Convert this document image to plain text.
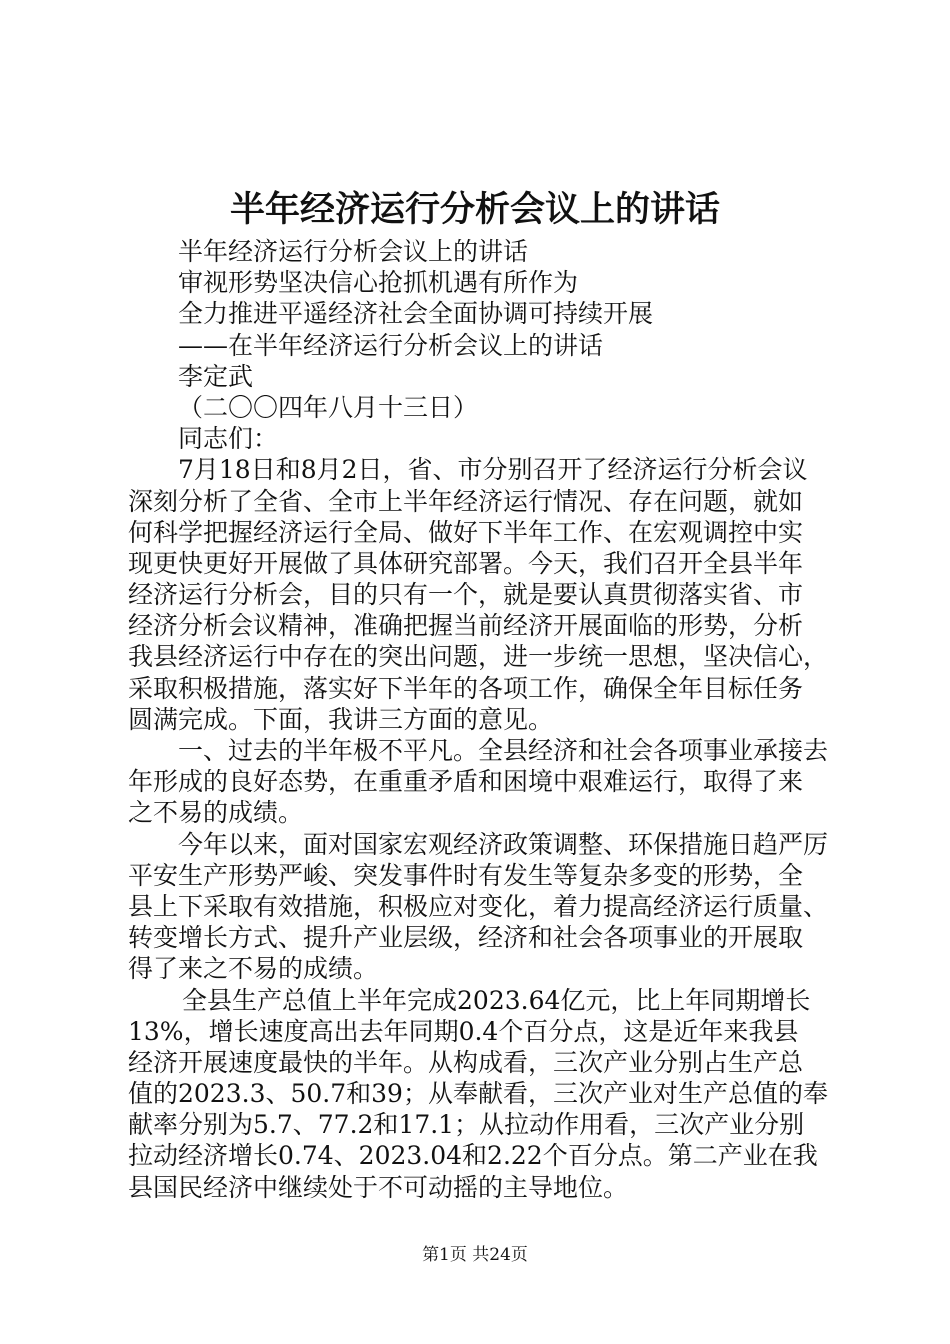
半年经济运行分析会议上的讲话
半年经济运行分析会议上的讲话
审视形势坚决信心抢抓机遇有所作为
全力推进平遥经济社会全面协调可持续开展
——在半年经济运行分析会议上的讲话
李定武
（二〇〇四年八月十三日）
同志们：
7月18日和8月2日，省、市分别召开了经济运行分析会议
深刻分析了全省、全市上半年经济运行情况、存在问题，就如
何科学把握经济运行全局、做好下半年工作、在宏观调控中实
现更快更好开展做了具体研究部署。今天，我们召开全县半年
经济运行分析会，目的只有一个，就是要认真贯彻落实省、市
经济分析会议精神，准确把握当前经济开展面临的形势，分析
我县经济运行中存在的突出问题，进一步统一思想，坚决信心，
采取积极措施，落实好下半年的各项工作，确保全年目标任务
圆满完成。下面，我讲三方面的意见。
一、过去的半年极不平凡。全县经济和社会各项事业承接去
年形成的良好态势，在重重矛盾和困境中艰难运行，取得了来
之不易的成绩。
今年以来，面对国家宏观经济政策调整、环保措施日趋严厉
平安生产形势严峻、突发事件时有发生等复杂多变的形势，全
县上下采取有效措施，积极应对变化，着力提高经济运行质量、
转变增长方式、提升产业层级，经济和社会各项事业的开展取
得了来之不易的成绩。
全县生产总值上半年完成2023.64亿元，比上年同期增长
13%，增长速度高出去年同期0.4个百分点，这是近年来我县
经济开展速度最快的半年。从构成看，三次产业分别占生产总
值的2023.3、50.7和39；从奉献看，三次产业对生产总值的奉
献率分别为5.7、77.2和17.1；从拉动作用看，三次产业分别
拉动经济增长0.74、2023.04和2.22个百分点。第二产业在我
县国民经济中继续处于不可动摇的主导地位。
第1页 共24页
